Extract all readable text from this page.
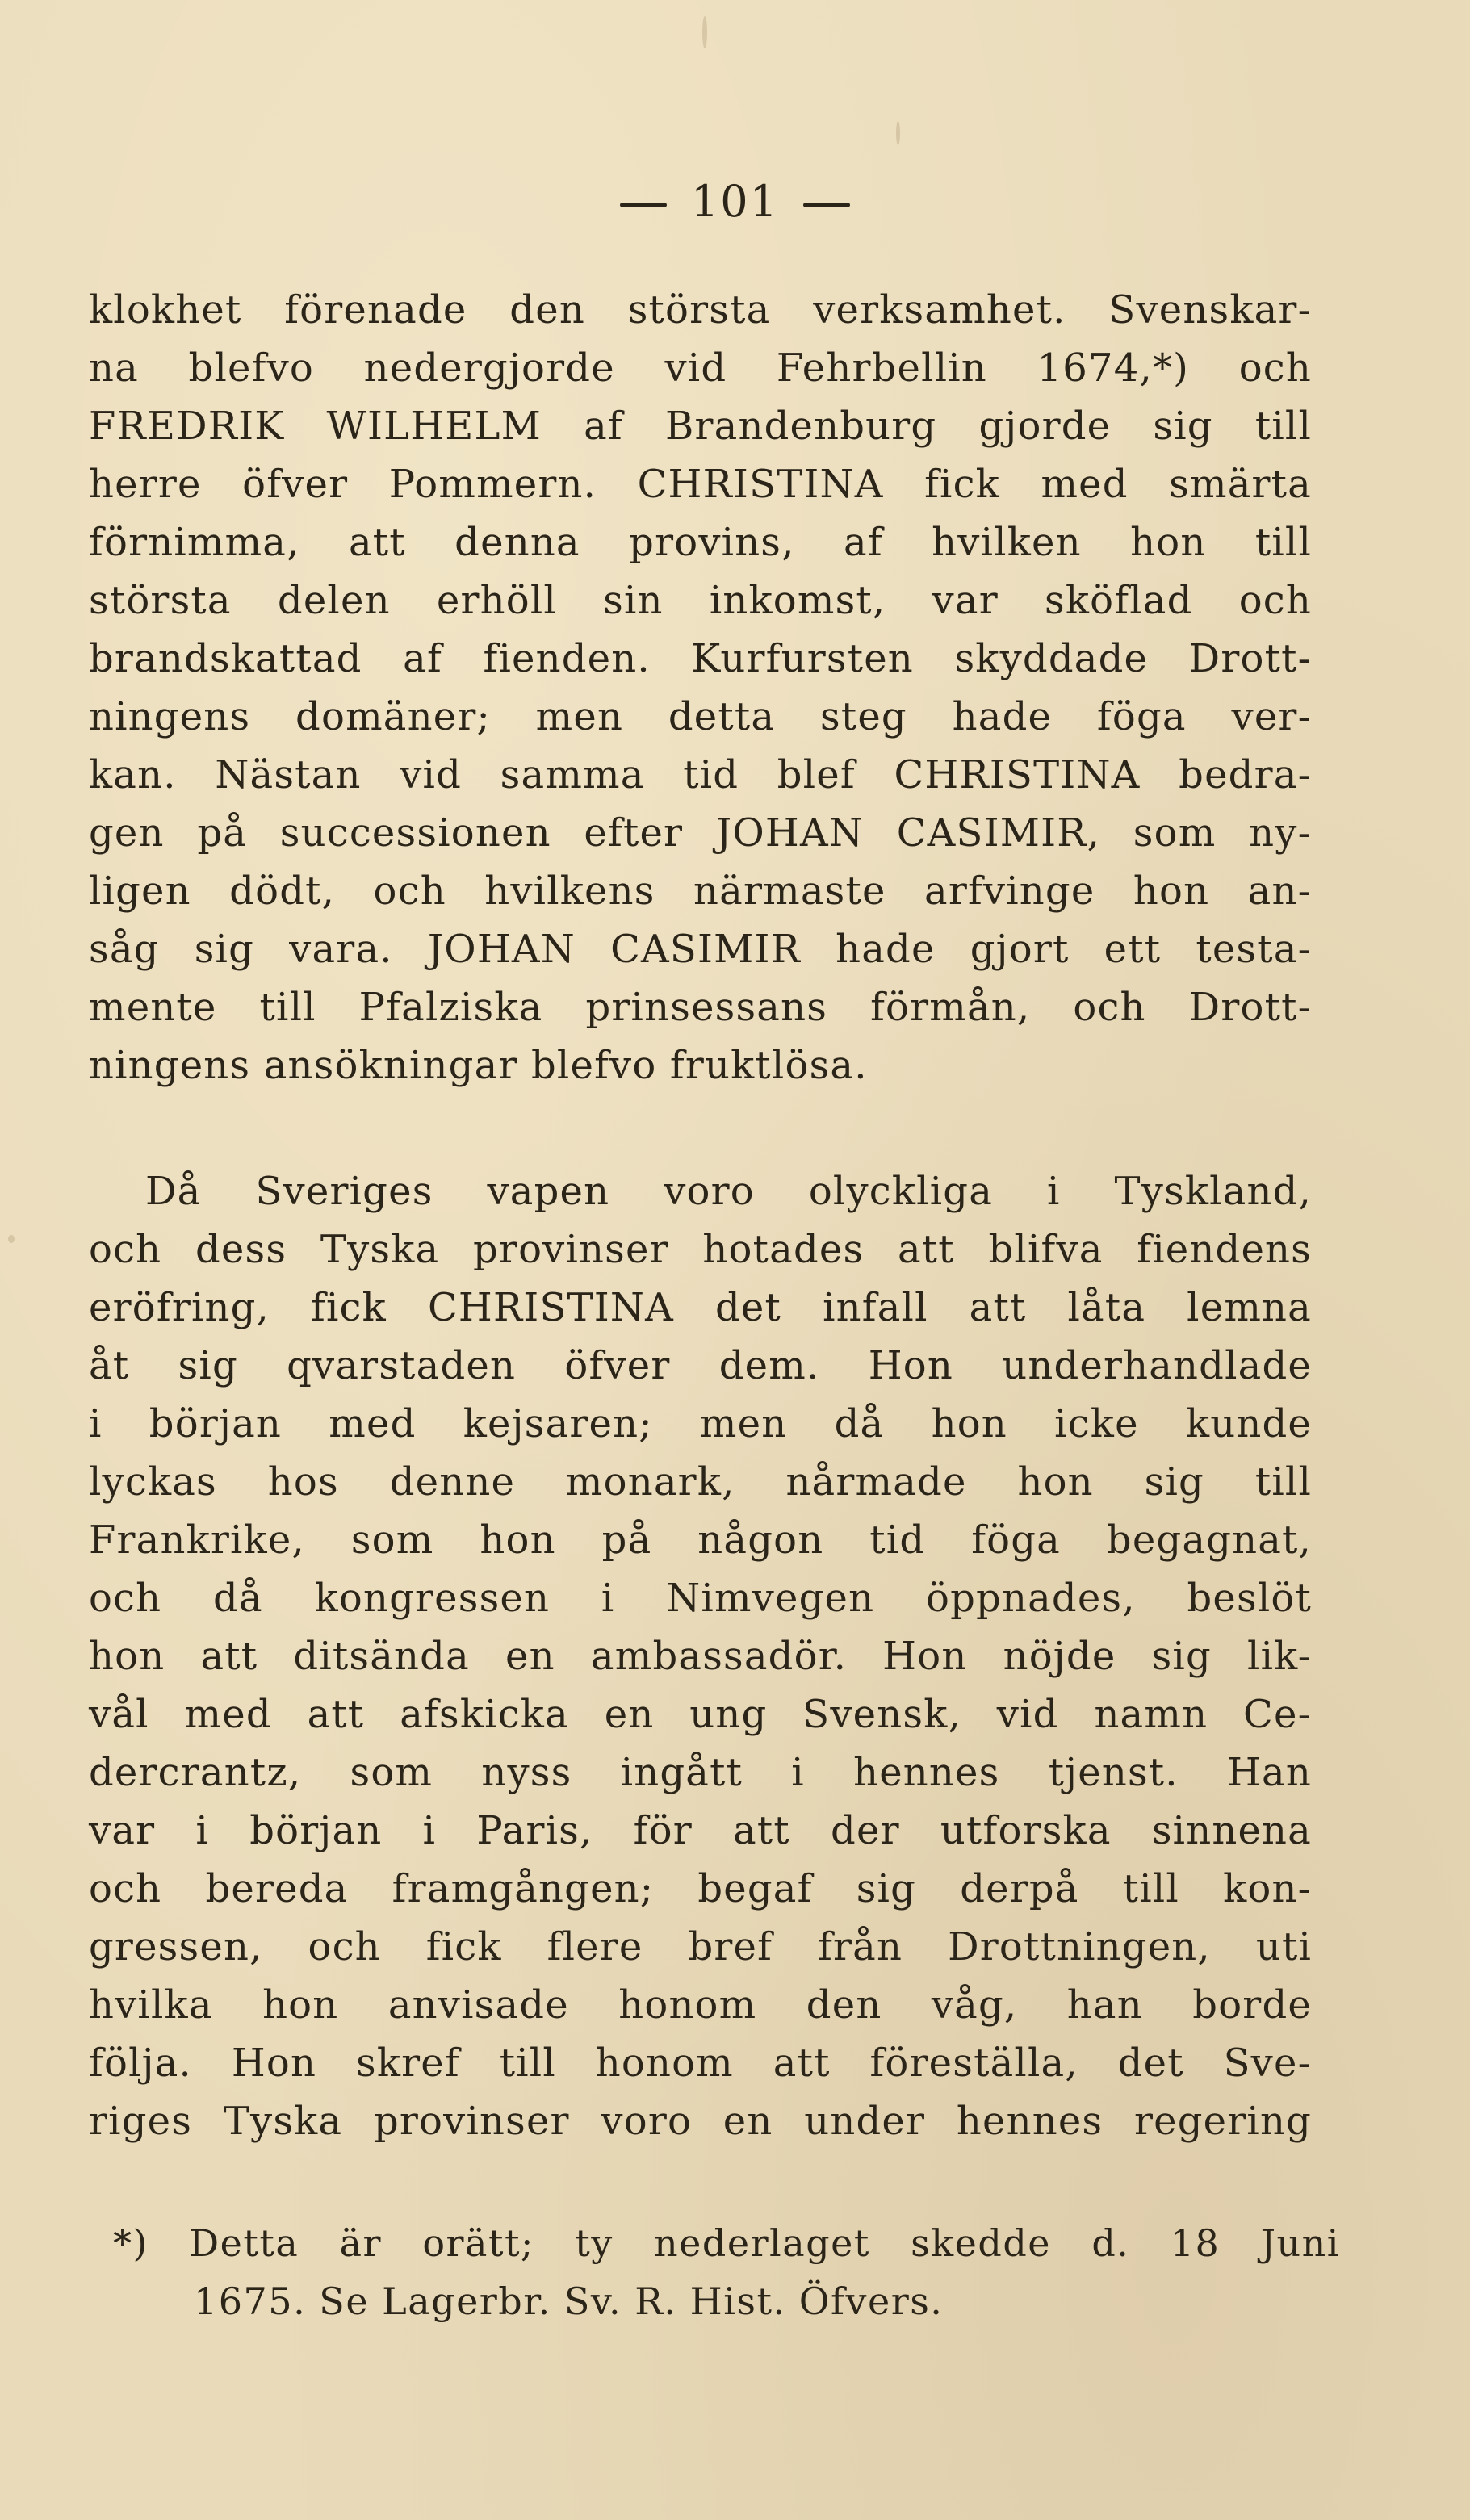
101
klokhet förenade den största verksamhet. Svenskar-
na blefvo nedergjorde vid Fehrbellin 1674,*) och
FREDRIK WILHELM af Brandenburg gjorde sig till
herre öfver Pommern. CHRISTINA fick med smärta
förnimma, att denna provins, af hvilken hon till
största delen erhöll sin inkomst, var sköflad och
brandskattad af fienden. Kurfursten skyddade Drott-
ningens domäner; men detta steg hade föga ver-
kan. Nästan vid samma tid blef CHRISTINA bedra-
gen på successionen efter JOHAN CASIMIR, som ny-
ligen dödt, och hvilkens närmaste arfvinge hon an-
såg sig vara. JOHAN CASIMIR hade gjort ett testa-
mente till Pfalziska prinsessans förmån, och Drott-
ningens ansökningar blefvo fruktlösa.
Då Sveriges vapen voro olyckliga i Tyskland,
och dess Tyska provinser hotades att blifva fiendens
eröfring, fick CHRISTINA det infall att låta lemna
åt sig qvarstaden öfver dem. Hon underhandlade
i början med kejsaren; men då hon icke kunde
lyckas hos denne monark, nårmade hon sig till
Frankrike, som hon på någon tid föga begagnat,
och då kongressen i Nimvegen öppnades, beslöt
hon att ditsända en ambassadör. Hon nöjde sig lik-
vål med att afskicka en ung Svensk, vid namn Ce-
dercrantz, som nyss ingått i hennes tjenst. Han
var i början i Paris, för att der utforska sinnena
och bereda framgången; begaf sig derpå till kon-
gressen, och fick flere bref från Drottningen, uti
hvilka hon anvisade honom den våg, han borde
följa. Hon skref till honom att föreställa, det Sve-
riges Tyska provinser voro en under hennes regering
*) Detta är orätt; ty nederlaget skedde d. 18 Juni
1675. Se Lagerbr. Sv. R. Hist. Öfvers.
